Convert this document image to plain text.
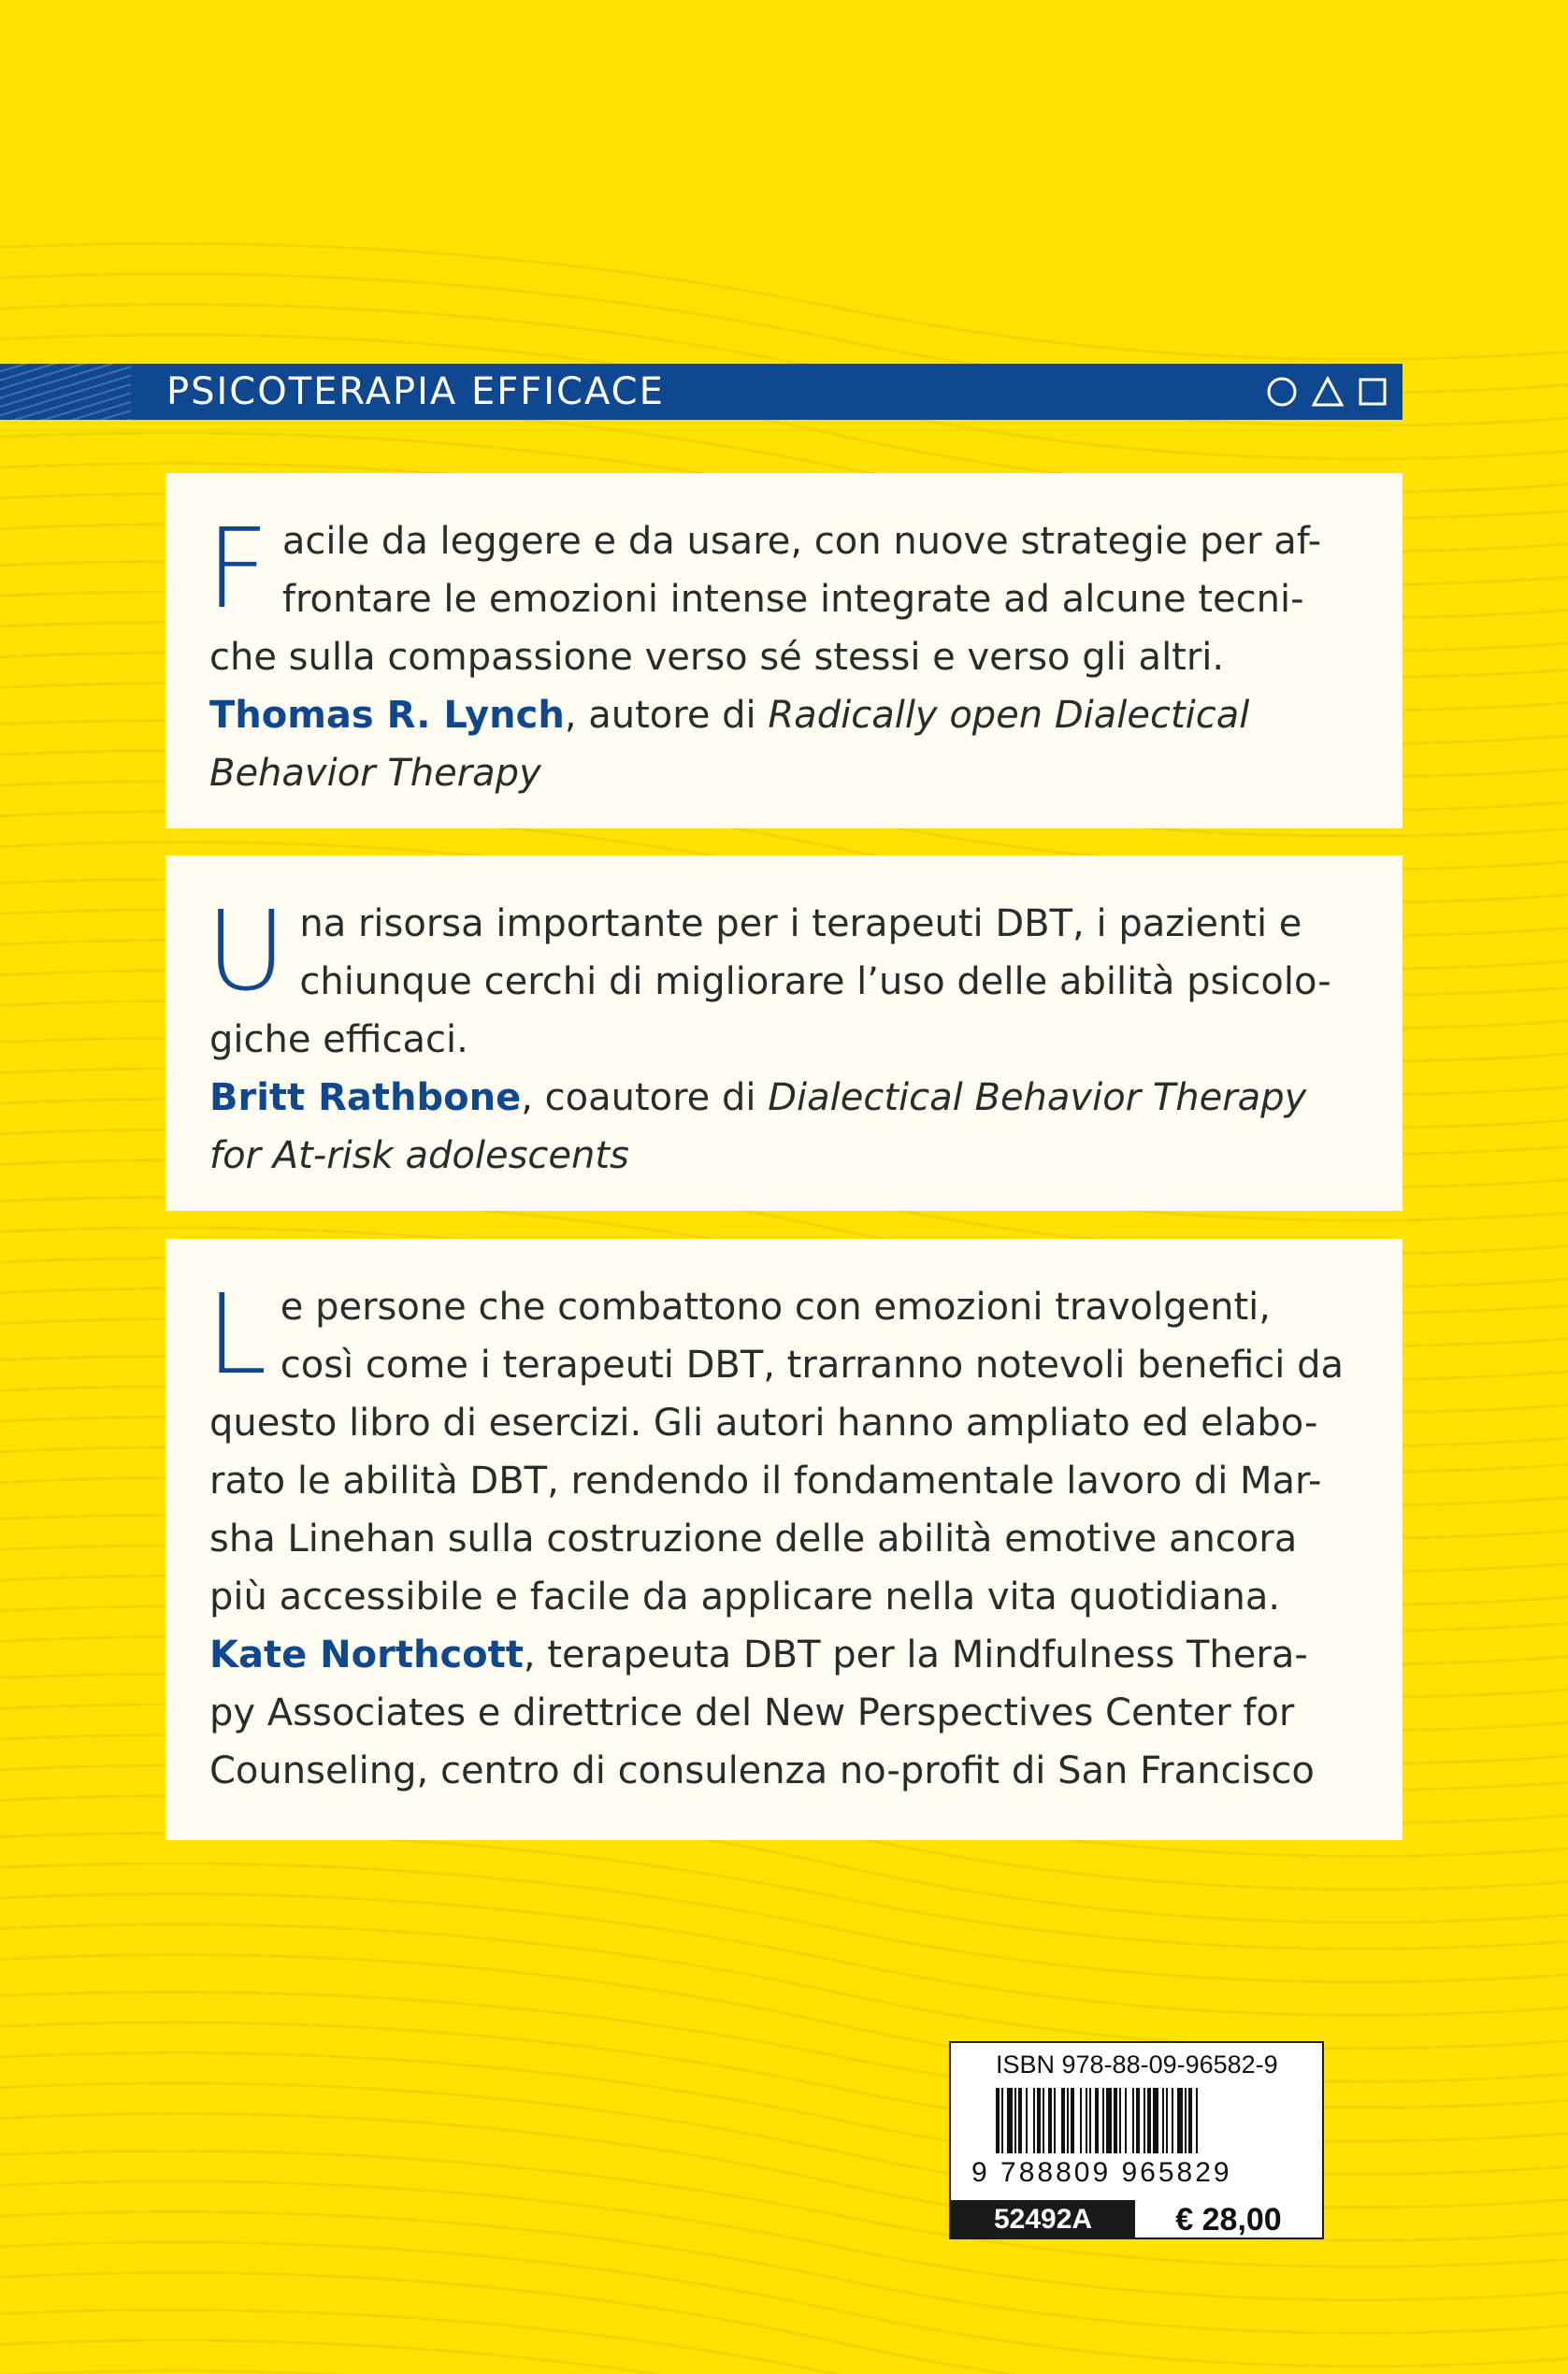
PSICOTERAPIA EFFICACE
F acile da leggere e da usare, con nuove strategie per af-
frontare le emozioni intense integrate ad alcune tecni-
che sulla compassione verso sé stessi e verso gli altri.
Thomas R. Lynch, autore di Radically open Dialectical
Behavior Therapy
U na risorsa importante per i terapeuti DBT, i pazienti e
chiunque cerchi di migliorare l’uso delle abilità psicolo-
giche efficaci.
Britt Rathbone, coautore di Dialectical Behavior Therapy
for At-risk adolescents
L e persone che combattono con emozioni travolgenti,
così come i terapeuti DBT, trarranno notevoli benefici da
questo libro di esercizi. Gli autori hanno ampliato ed elabo-
rato le abilità DBT, rendendo il fondamentale lavoro di Mar-
sha Linehan sulla costruzione delle abilità emotive ancora
più accessibile e facile da applicare nella vita quotidiana.
Kate Northcott, terapeuta DBT per la Mindfulness Thera-
py Associates e direttrice del New Perspectives Center for
Counseling, centro di consulenza no-profit di San Francisco
ISBN 978-88-09-96582-9
9 788809 965829
52492A	€ 28,00
